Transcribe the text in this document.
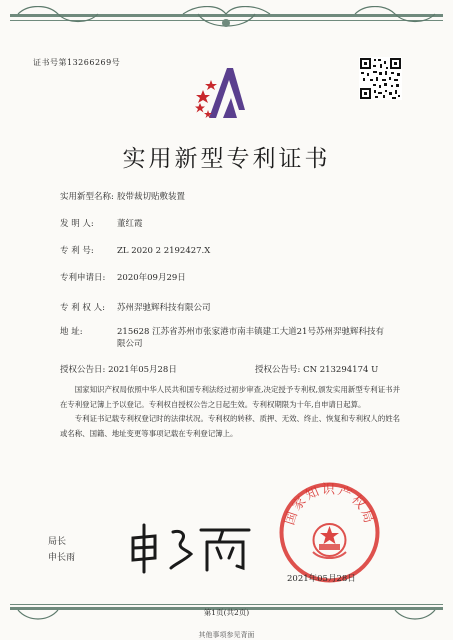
证书号第13266269号
实用新型专利证书
实用新型名称: 胶带裁切贴敷装置
发 明 人:	董红霞
专 利 号:	ZL 2020 2 2192427.X
专利申请日: 2020年09月29日
专 利 权 人: 苏州羿驰辉科技有限公司
地 址:	215628 江苏省苏州市张家港市南丰镇建工大道21号苏州羿驰辉科技有限公司
授权公告日: 2021年05月28日	授权公告号: CN 213294174 U

国家知识产权局依照中华人民共和国专利法经过初步审查,决定授予专利权,颁发实用新型专利证书并在专利登记簿上予以登记。专利权自授权公告之日起生效。专利权期限为十年,自申请日起算。

专利证书记载专利权登记时的法律状况。专利权的转移、质押、无效、终止、恢复和专利权人的姓名或名称、国籍、地址变更等事项记载在专利登记簿上。

局长
申长雨
国家知识产权局
2021年05月28日
第1页(共2页)
其他事项参见背面
